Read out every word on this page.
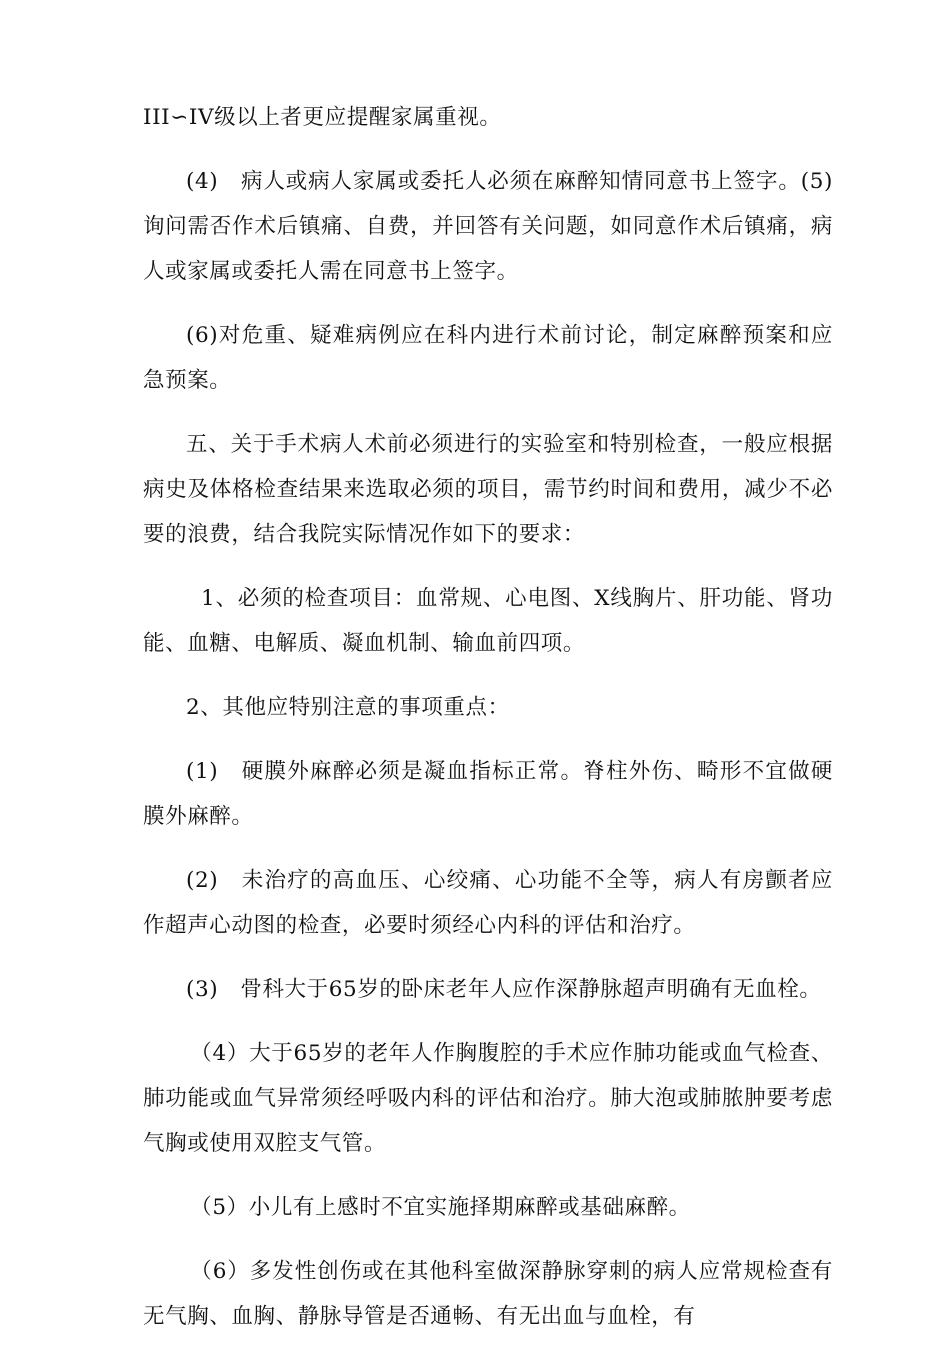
III∽IV级以上者更应提醒家属重视。

(4)　病人或病人家属或委托人必须在麻醉知情同意书上签字。(5)询问需否作术后镇痛、自费，并回答有关问题，如同意作术后镇痛，病人或家属或委托人需在同意书上签字。

(6)对危重、疑难病例应在科内进行术前讨论，制定麻醉预案和应急预案。

五、关于手术病人术前必须进行的实验室和特别检查，一般应根据病史及体格检查结果来选取必须的项目，需节约时间和费用，减少不必要的浪费，结合我院实际情况作如下的要求：

1、必须的检查项目：血常规、心电图、X线胸片、肝功能、肾功能、血糖、电解质、凝血机制、输血前四项。

2、其他应特别注意的事项重点：

(1)　硬膜外麻醉必须是凝血指标正常。脊柱外伤、畸形不宜做硬膜外麻醉。

(2)　未治疗的高血压、心绞痛、心功能不全等，病人有房颤者应作超声心动图的检查，必要时须经心内科的评估和治疗。

(3)　骨科大于65岁的卧床老年人应作深静脉超声明确有无血栓。

（4）大于65岁的老年人作胸腹腔的手术应作肺功能或血气检查、肺功能或血气异常须经呼吸内科的评估和治疗。肺大泡或肺脓肿要考虑气胸或使用双腔支气管。

（5）小儿有上感时不宜实施择期麻醉或基础麻醉。

（6）多发性创伤或在其他科室做深静脉穿刺的病人应常规检查有无气胸、血胸、静脉导管是否通畅、有无出血与血栓，有
